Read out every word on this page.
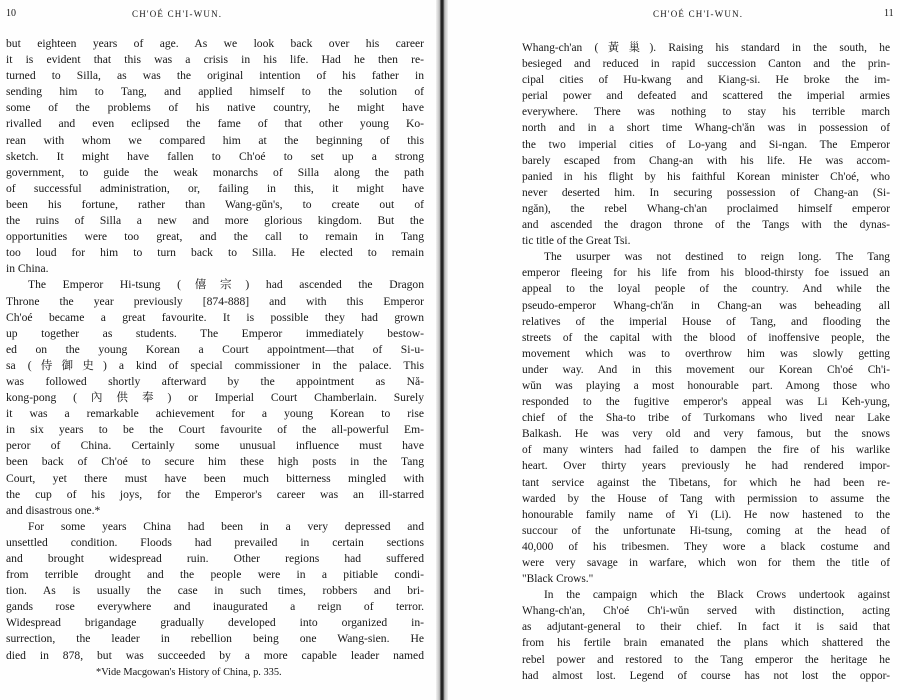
10	CH'OÉ CH'I-WUN.
but eighteen years of age. As we look back over his career
it is evident that this was a crisis in his life. Had he then re-
turned to Silla, as was the original intention of his father in
sending him to Tang, and applied himself to the solution of
some of the problems of his native country, he might have
rivalled and even eclipsed the fame of that other young Ko-
rean with whom we compared him at the beginning of this
sketch. It might have fallen to Ch'oé to set up a strong
government, to guide the weak monarchs of Silla along the path
of successful administration, or, failing in this, it might have
been his fortune, rather than Wang-gŭn's, to create out of
the ruins of Silla a new and more glorious kingdom. But the
opportunities were too great, and the call to remain in Tang
too loud for him to turn back to Silla. He elected to remain
in China.
The Emperor Hi-tsung (僖宗) had ascended the Dragon
Throne the year previously [874-888] and with this Emperor
Ch'oé became a great favourite. It is possible they had grown
up together as students. The Emperor immediately bestow-
ed on the young Korean a Court appointment—that of Si-u-
sa (侍御史) a kind of special commissioner in the palace. This
was followed shortly afterward by the appointment as Nă-
kong-pong (內供奉) or Imperial Court Chamberlain. Surely
it was a remarkable achievement for a young Korean to rise
in six years to be the Court favourite of the all-powerful Em-
peror of China. Certainly some unusual influence must have
been back of Ch'oé to secure him these high posts in the Tang
Court, yet there must have been much bitterness mingled with
the cup of his joys, for the Emperor's career was an ill-starred
and disastrous one.*
For some years China had been in a very depressed and
unsettled condition. Floods had prevailed in certain sections
and brought widespread ruin. Other regions had suffered
from terrible drought and the people were in a pitiable condi-
tion. As is usually the case in such times, robbers and bri-
gands rose everywhere and inaugurated a reign of terror.
Widespread brigandage gradually developed into organized in-
surrection, the leader in rebellion being one Wang-sien. He
died in 878, but was succeeded by a more capable leader named
*Vide Macgowan's History of China, p. 335.
CH'OÉ CH'I-WUN.	11
Whang-ch'an (黃巢). Raising his standard in the south, he
besieged and reduced in rapid succession Canton and the prin-
cipal cities of Hu-kwang and Kiang-si. He broke the im-
perial power and defeated and scattered the imperial armies
everywhere. There was nothing to stay his terrible march
north and in a short time Whang-ch'ăn was in possession of
the two imperial cities of Lo-yang and Si-ngan. The Emperor
barely escaped from Chang-an with his life. He was accom-
panied in his flight by his faithful Korean minister Ch'oé, who
never deserted him. In securing possession of Chang-an (Si-
ngăn), the rebel Whang-ch'an proclaimed himself emperor
and ascended the dragon throne of the Tangs with the dynas-
tic title of the Great Tsi.
The usurper was not destined to reign long. The Tang
emperor fleeing for his life from his blood-thirsty foe issued an
appeal to the loyal people of the country. And while the
pseudo-emperor Whang-ch'ăn in Chang-an was beheading all
relatives of the imperial House of Tang, and flooding the
streets of the capital with the blood of inoffensive people, the
movement which was to overthrow him was slowly getting
under way. And in this movement our Korean Ch'oé Ch'i-
wŭn was playing a most honourable part. Among those who
responded to the fugitive emperor's appeal was Li Keh-yung,
chief of the Sha-to tribe of Turkomans who lived near Lake
Balkash. He was very old and very famous, but the snows
of many winters had failed to dampen the fire of his warlike
heart. Over thirty years previously he had rendered impor-
tant service against the Tibetans, for which he had been re-
warded by the House of Tang with permission to assume the
honourable family name of Yi (Li). He now hastened to the
succour of the unfortunate Hi-tsung, coming at the head of
40,000 of his tribesmen. They wore a black costume and
were very savage in warfare, which won for them the title of
"Black Crows."
In the campaign which the Black Crows undertook against
Whang-ch'an, Ch'oé Ch'i-wŭn served with distinction, acting
as adjutant-general to their chief. In fact it is said that
from his fertile brain emanated the plans which shattered the
rebel power and restored to the Tang emperor the heritage he
had almost lost. Legend of course has not lost the oppor-
